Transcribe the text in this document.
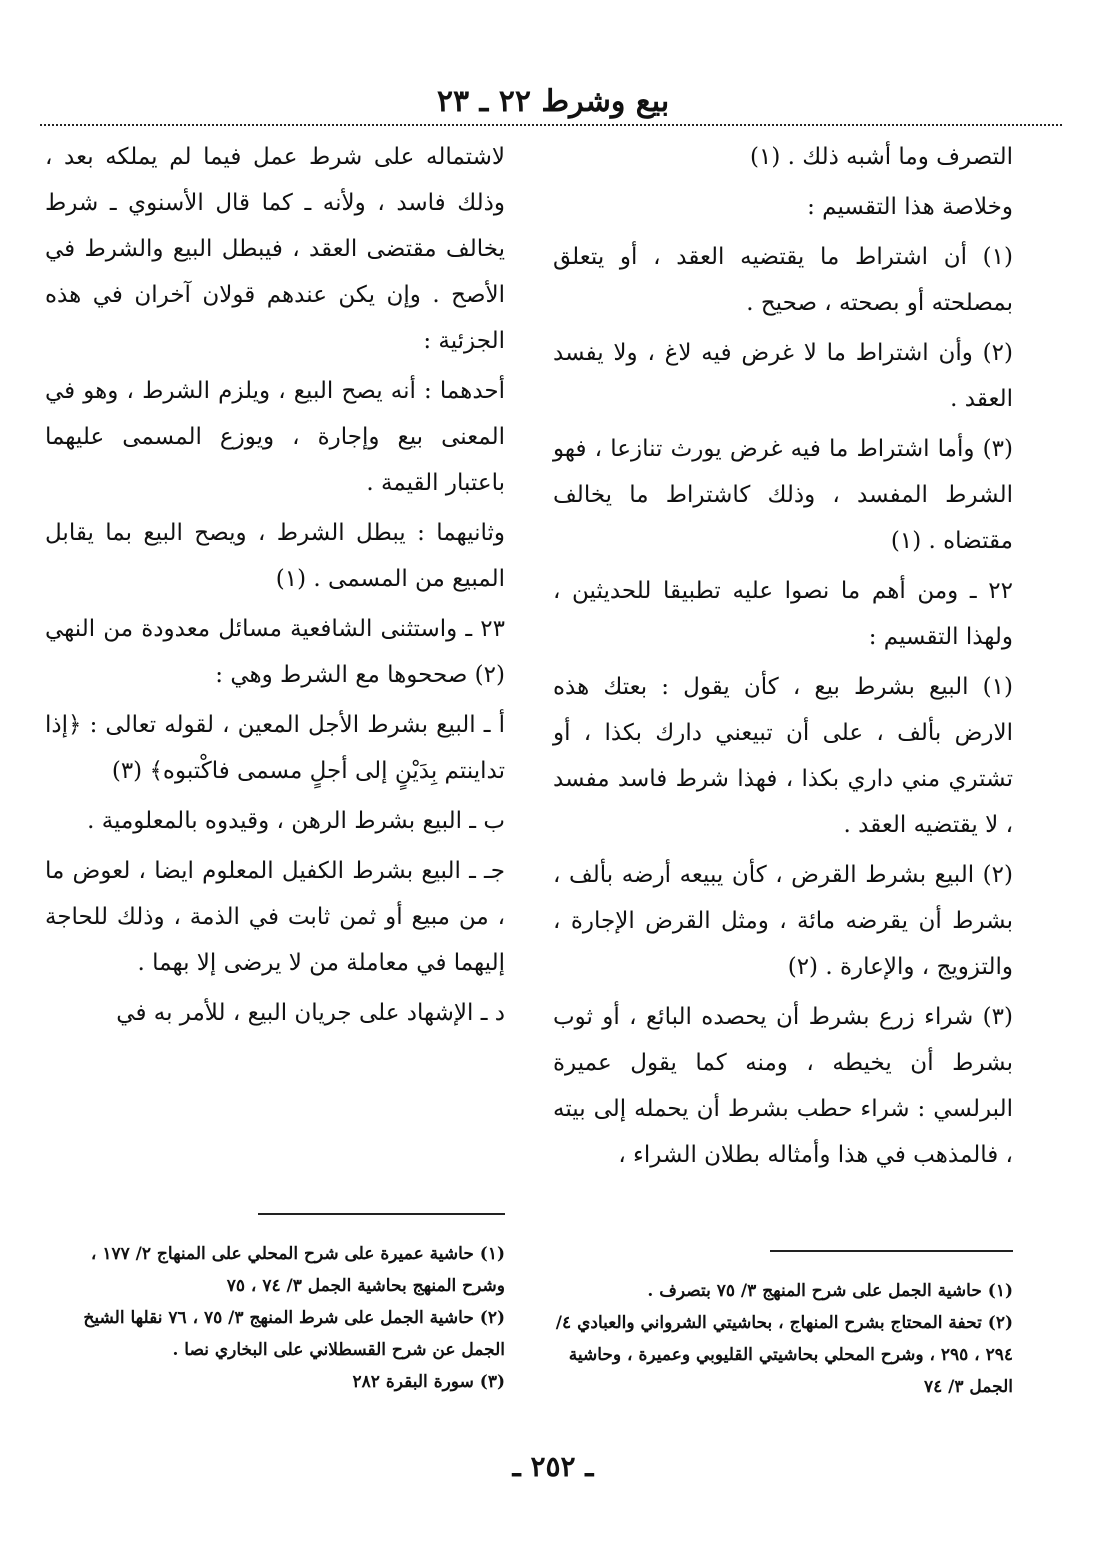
بيع وشرط ٢٢ ـ ٢٣

التصرف وما أشبه ذلك . (١)

وخلاصة هذا التقسيم :

(١) أن اشتراط ما يقتضيه العقد ، أو يتعلق بمصلحته أو بصحته ، صحيح .

(٢) وأن اشتراط ما لا غرض فيه لاغ ، ولا يفسد العقد .

(٣) وأما اشتراط ما فيه غرض يورث تنازعا ، فهو الشرط المفسد ، وذلك كاشتراط ما يخالف مقتضاه . (١)

٢٢ ـ ومن أهم ما نصوا عليه تطبيقا للحديثين ، ولهذا التقسيم :

(١) البيع بشرط بيع ، كأن يقول : بعتك هذه الارض بألف ، على أن تبيعني دارك بكذا ، أو تشتري مني داري بكذا ، فهذا شرط فاسد مفسد ، لا يقتضيه العقد .

(٢) البيع بشرط القرض ، كأن يبيعه أرضه بألف ، بشرط أن يقرضه مائة ، ومثل القرض الإجارة ، والتزويج ، والإعارة . (٢)

(٣) شراء زرع بشرط أن يحصده البائع ، أو ثوب بشرط أن يخيطه ، ومنه كما يقول عميرة البرلسي : شراء حطب بشرط أن يحمله إلى بيته ، فالمذهب في هذا وأمثاله بطلان الشراء ،

لاشتماله على شرط عمل فيما لم يملكه بعد ، وذلك فاسد ، ولأنه ـ كما قال الأسنوي ـ شرط يخالف مقتضى العقد ، فيبطل البيع والشرط في الأصح . وإن يكن عندهم قولان آخران في هذه الجزئية :

أحدهما : أنه يصح البيع ، ويلزم الشرط ، وهو في المعنى بيع وإجارة ، ويوزع المسمى عليهما باعتبار القيمة .

وثانيهما : يبطل الشرط ، ويصح البيع بما يقابل المبيع من المسمى . (١)

٢٣ ـ واستثنى الشافعية مسائل معدودة من النهي (٢) صححوها مع الشرط وهي :

أ ـ البيع بشرط الأجل المعين ، لقوله تعالى : ﴿إذا تداينتم بِدَيْنٍ إلى أجلٍ مسمى فاكْتبوه﴾ (٣)

ب ـ البيع بشرط الرهن ، وقيدوه بالمعلومية .

جـ ـ البيع بشرط الكفيل المعلوم ايضا ، لعوض ما ، من مبيع أو ثمن ثابت في الذمة ، وذلك للحاجة إليهما في معاملة من لا يرضى إلا بهما .

د ـ الإشهاد على جريان البيع ، للأمر به في

(١) حاشية الجمل على شرح المنهج ٣/ ٧٥ بتصرف .
(٢) تحفة المحتاج بشرح المنهاج ، بحاشيتي الشرواني والعبادي ٤/ ٢٩٤ ، ٢٩٥ ، وشرح المحلي بحاشيتي القليوبي وعميرة ، وحاشية الجمل ٣/ ٧٤
(١) حاشية عميرة على شرح المحلي على المنهاج ٢/ ١٧٧ ، وشرح المنهج بحاشية الجمل ٣/ ٧٤ ، ٧٥
(٢) حاشية الجمل على شرط المنهج ٣/ ٧٥ ، ٧٦ نقلها الشيخ الجمل عن شرح القسطلاني على البخاري نصا .
(٣) سورة البقرة ٢٨٢
ـ ٢٥٢ ـ
